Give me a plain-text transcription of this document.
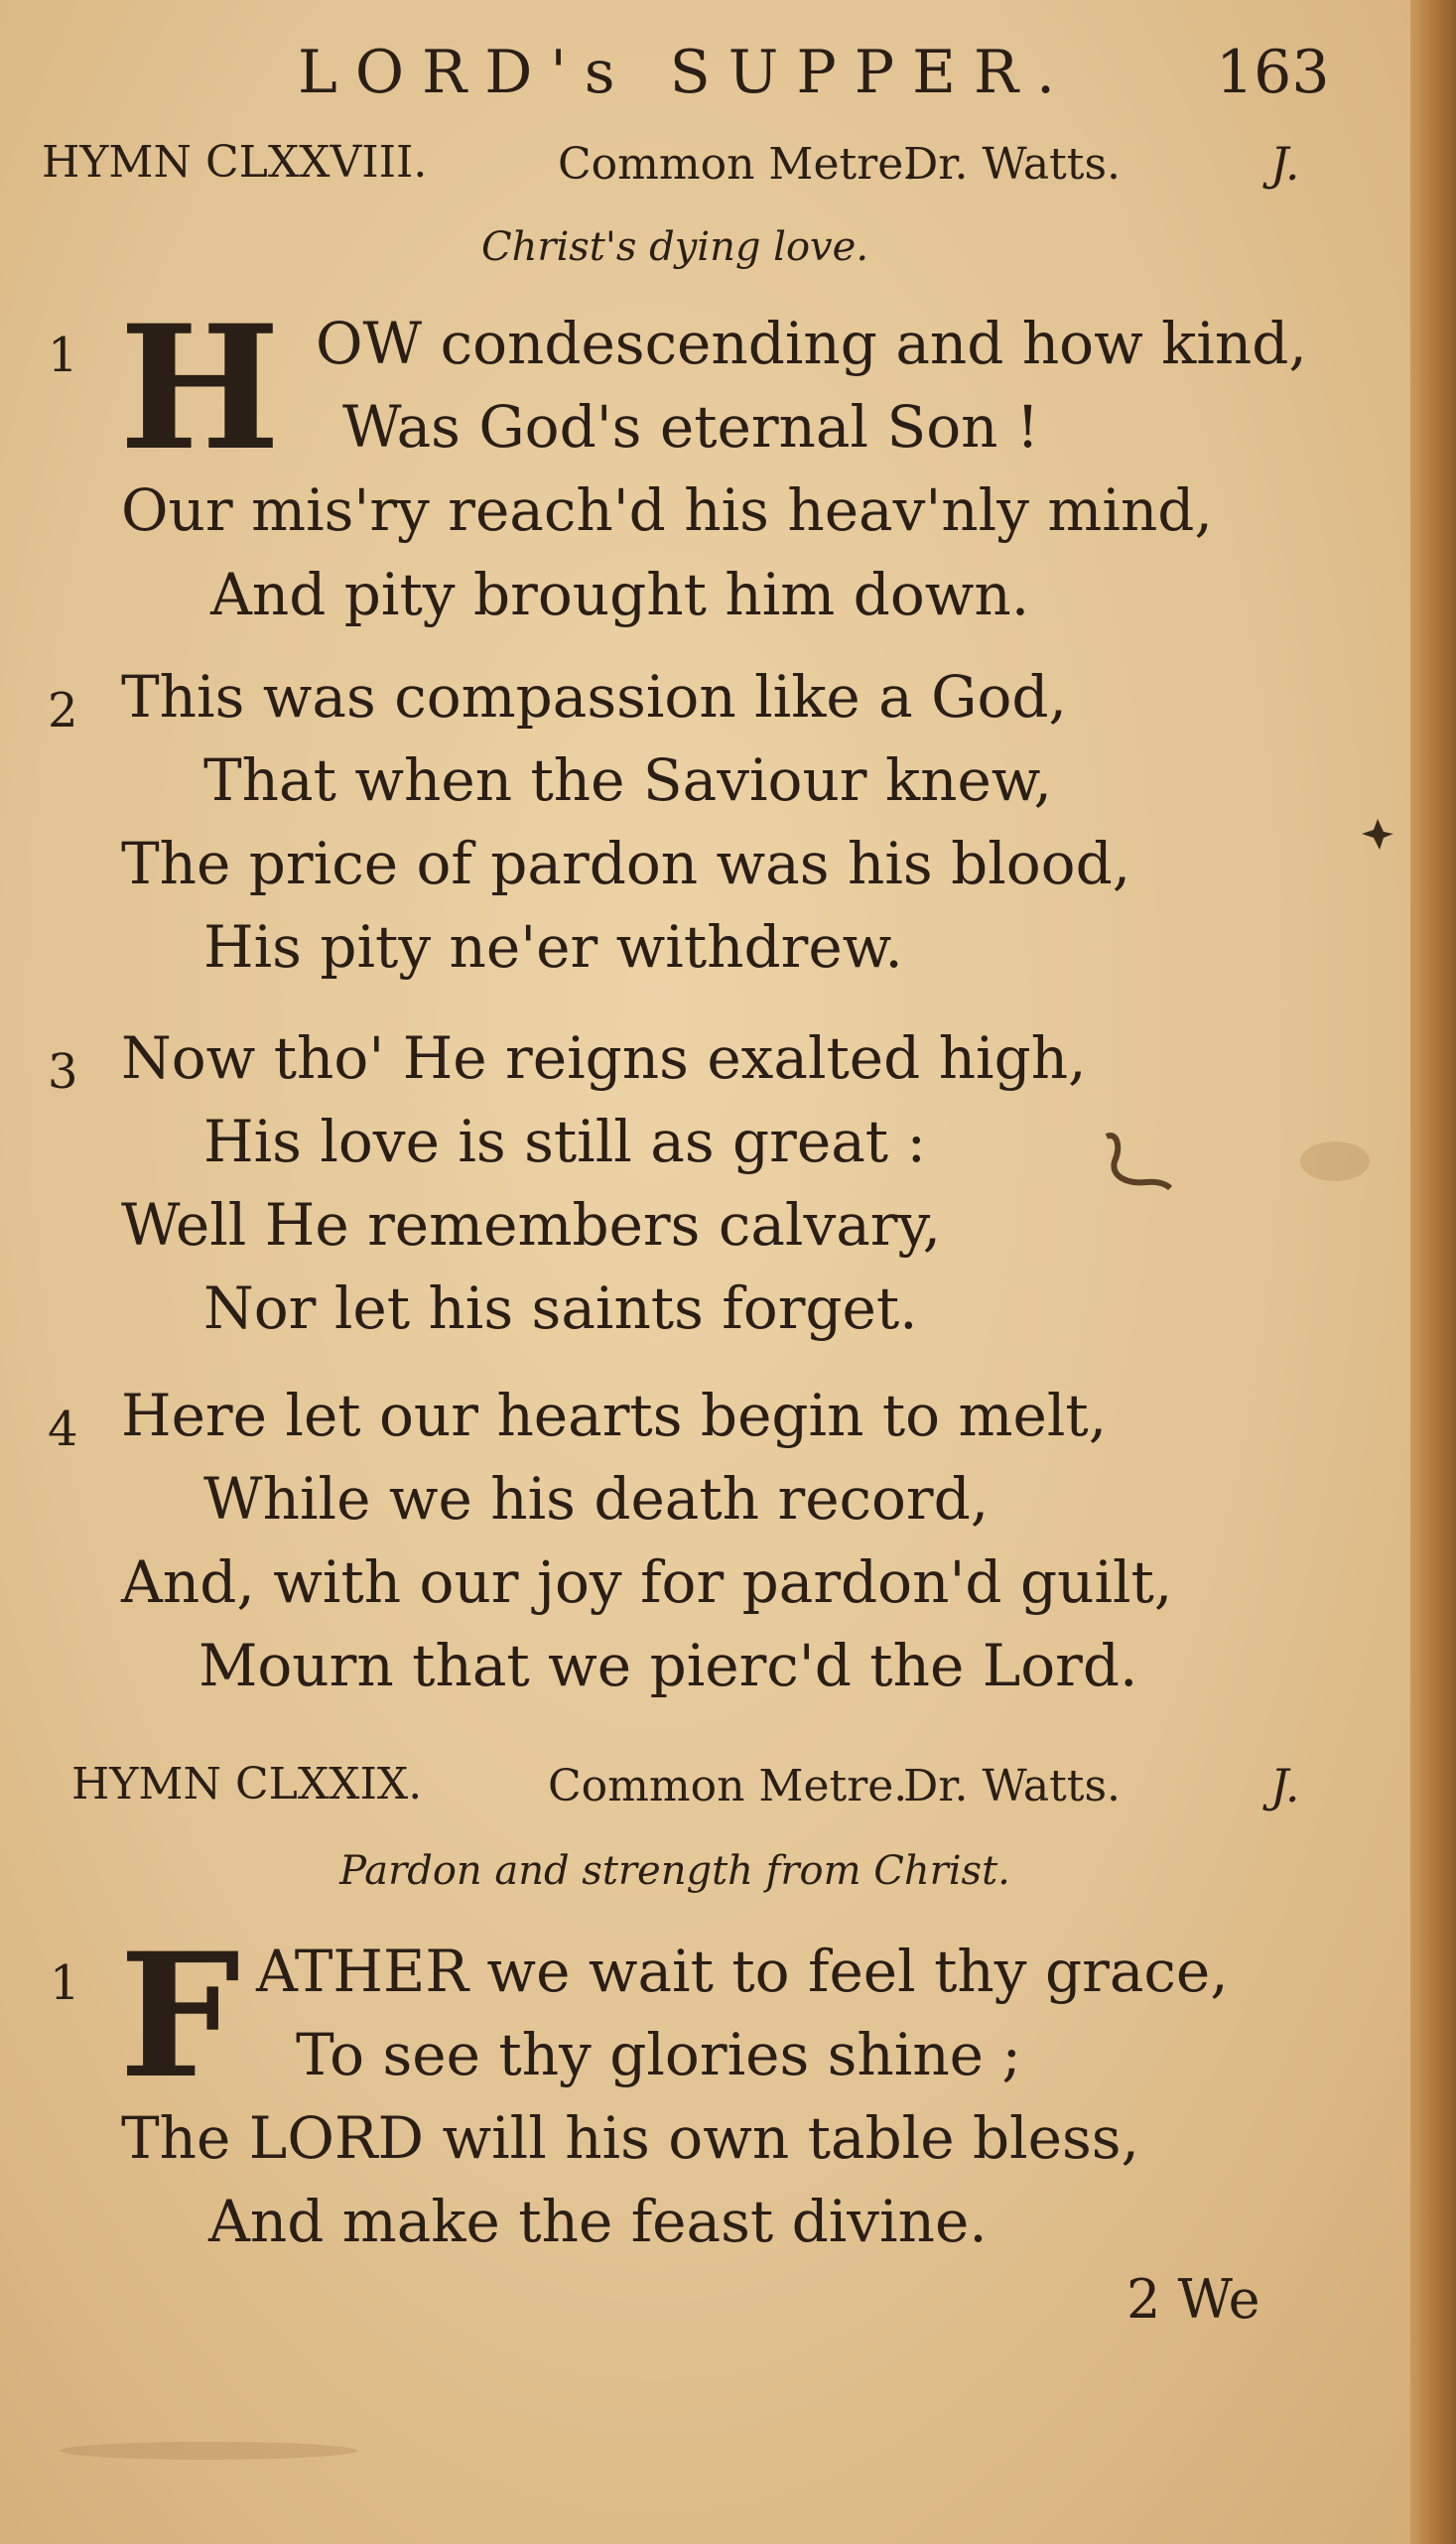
LORD's SUPPER. 163
HYMN CLXXVIII.	Common Metre.
Dr. Watts.	J.
Christ's dying love.
1 H OW condescending and how kind,
Was God's eternal Son !
Our mis'ry reach'd his heav'nly mind,
And pity brought him down.
2 This was compassion like a God,
That when the Saviour knew,
The price of pardon was his blood,
His pity ne'er withdrew.
3 Now tho' He reigns exalted high,
His love is still as great :
Well He remembers calvary,
Nor let his saints forget.
4 Here let our hearts begin to melt,
While we his death record,
And, with our joy for pardon'd guilt,
Mourn that we pierc'd the Lord.
HYMN CLXXIX.	Common Metre.
Dr. Watts.	J.
Pardon and strength from Christ.
1 F ATHER we wait to feel thy grace,
To see thy glories shine ;
The LORD will his own table bless,
And make the feast divine.
2 We
